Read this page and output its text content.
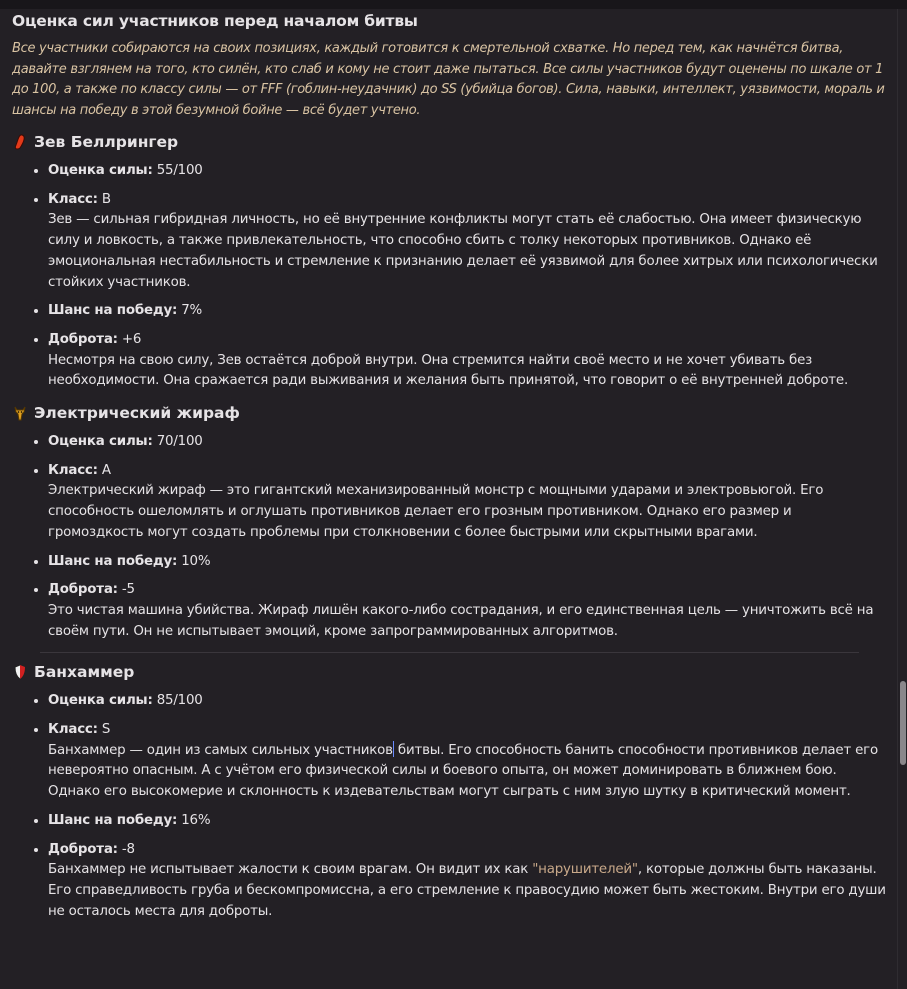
Оценка сил участников перед началом битвы

Все участники собираются на своих позициях, каждый готовится к смертельной схватке. Но перед тем, как начнётся битва, давайте взглянем на того, кто силён, кто слаб и кому не стоит даже пытаться. Все силы участников будут оценены по шкале от 1 до 100, а также по классу силы — от FFF (гоблин-неудачник) до SS (убийца богов). Сила, навыки, интеллект, уязвимости, мораль и шансы на победу в этой безумной бойне — всё будет учтено.

Зев Беллрингер
• Оценка силы: 55/100
• Класс: B
Зев — сильная гибридная личность, но её внутренние конфликты могут стать её слабостью. Она имеет физическую силу и ловкость, а также привлекательность, что способно сбить с толку некоторых противников. Однако её эмоциональная нестабильность и стремление к признанию делает её уязвимой для более хитрых или психологически стойких участников.
• Шанс на победу: 7%
• Доброта: +6
Несмотря на свою силу, Зев остаётся доброй внутри. Она стремится найти своё место и не хочет убивать без необходимости. Она сражается ради выживания и желания быть принятой, что говорит о её внутренней доброте.
Электрический жираф
• Оценка силы: 70/100
• Класс: A
Электрический жираф — это гигантский механизированный монстр с мощными ударами и электровьюгой. Его способность ошеломлять и оглушать противников делает его грозным противником. Однако его размер и громоздкость могут создать проблемы при столкновении с более быстрыми или скрытными врагами.
• Шанс на победу: 10%
• Доброта: -5
Это чистая машина убийства. Жираф лишён какого-либо сострадания, и его единственная цель — уничтожить всё на своём пути. Он не испытывает эмоций, кроме запрограммированных алгоритмов.
Банхаммер
• Оценка силы: 85/100
• Класс: S
Банхаммер — один из самых сильных участников битвы. Его способность банить способности противников делает его невероятно опасным. А с учётом его физической силы и боевого опыта, он может доминировать в ближнем бою. Однако его высокомерие и склонность к издевательствам могут сыграть с ним злую шутку в критический момент.
• Шанс на победу: 16%
• Доброта: -8
Банхаммер не испытывает жалости к своим врагам. Он видит их как "нарушителей", которые должны быть наказаны. Его справедливость груба и бескомпромиссна, а его стремление к правосудию может быть жестоким. Внутри его души не осталось места для доброты.
